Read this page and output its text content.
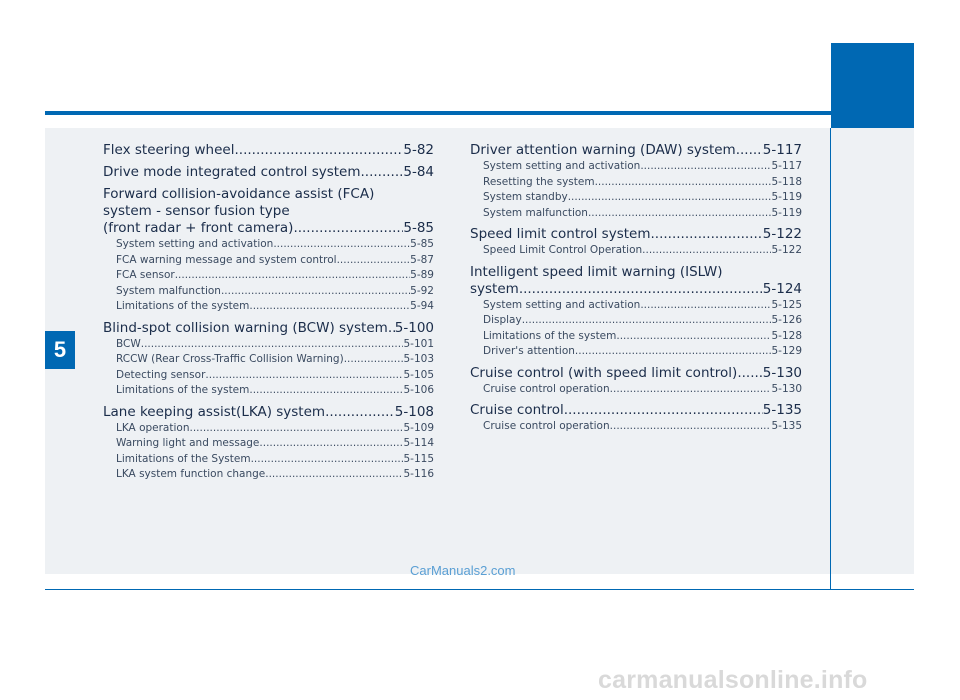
5
Flex steering wheel .....	5-82
Drive mode integrated control system .....	5-84
Forward collision-avoidance assist (FCA)
system - sensor fusion type
(front radar + front camera) .....	5-85
System setting and activation .....	5-85
FCA warning message and system control .....	5-87
FCA sensor .....	5-89
System malfunction .....	5-92
Limitations of the system .....	5-94
Blind-spot collision warning (BCW) system ..... 5-100
BCW .....	5-101
RCCW (Rear Cross-Traffic Collision Warning) .....	5-103
Detecting sensor .....	5-105
Limitations of the system .....	5-106
Lane keeping assist(LKA) system .....	5-108
LKA operation .....	5-109
Warning light and message .....	5-114
Limitations of the System .....	5-115
LKA system function change .....	5-116
Driver attention warning (DAW) system ..... 5-117
System setting and activation .....	5-117
Resetting the system .....	5-118
System standby .....	5-119
System malfunction .....	5-119
Speed limit control system .....	5-122
Speed Limit Control Operation .....	5-122
Intelligent speed limit warning (ISLW)
system .....	5-124
System setting and activation .....	5-125
Display .....	5-126
Limitations of the system .....	5-128
Driver's attention .....	5-129
Cruise control (with speed limit control) ..... 5-130
Cruise control operation .....	5-130
Cruise control .....	5-135
Cruise control operation .....	5-135
CarManuals2.com
carmanualsonline.info
